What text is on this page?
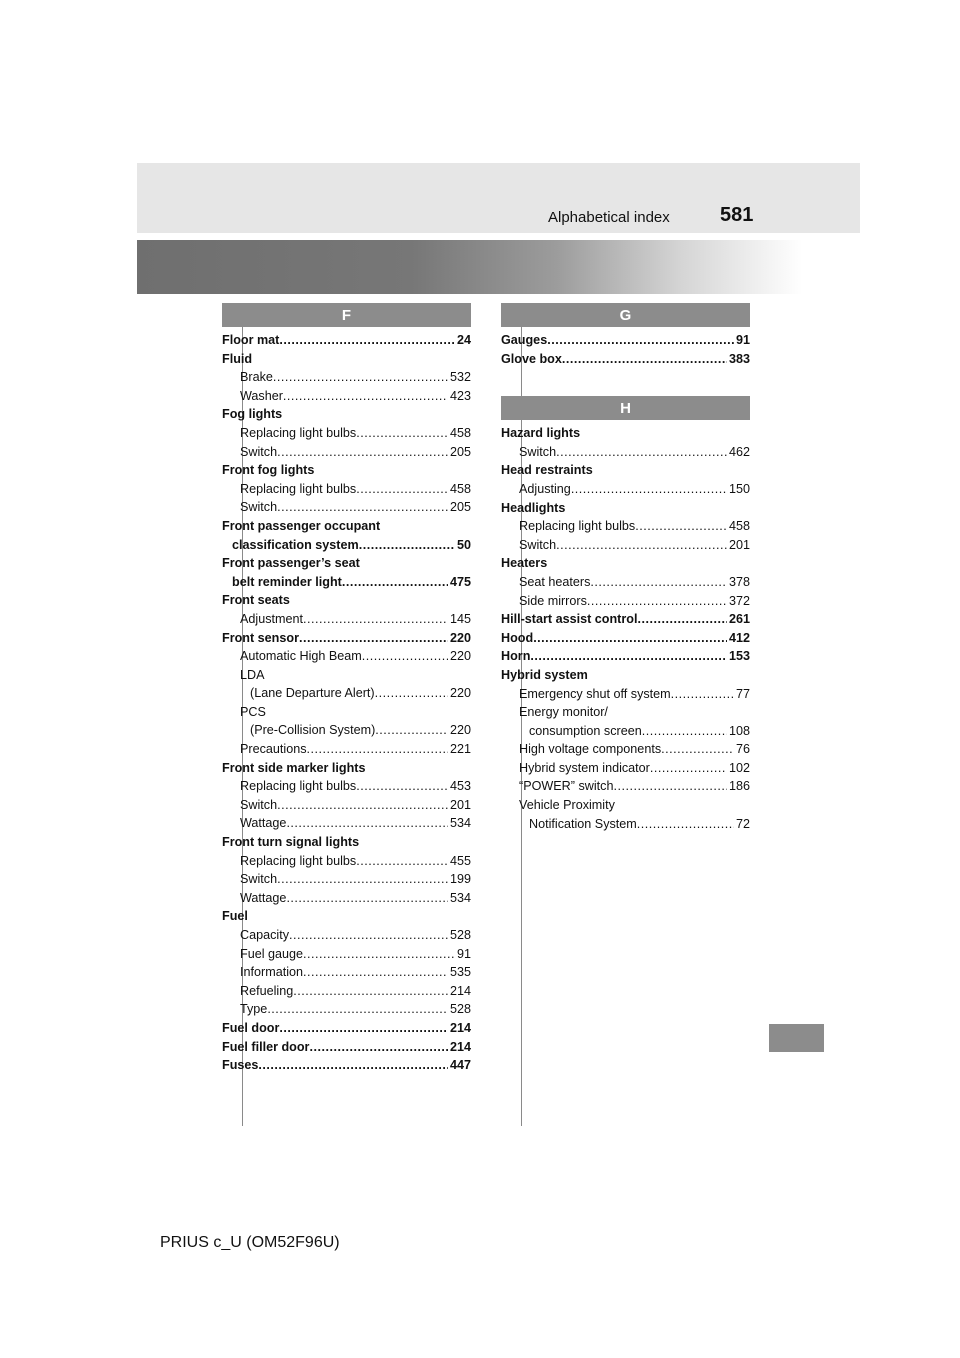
Alphabetical index	581
F
Floor mat .....	24
Fluid
Brake .....	532
Washer .....	423
Fog lights
Replacing light bulbs .....	458
Switch .....	205
Front fog lights
Replacing light bulbs .....	458
Switch .....	205
Front passenger occupant
classification system .....	50
Front passenger’s seat
belt reminder light .....	475
Front seats
Adjustment .....	145
Front sensor .....	220
Automatic High Beam .....	220
LDA
(Lane Departure Alert) .....	220
PCS
(Pre-Collision System) .....	220
Precautions .....	221
Front side marker lights
Replacing light bulbs .....	453
Switch .....	201
Wattage .....	534
Front turn signal lights
Replacing light bulbs .....	455
Switch .....	199
Wattage .....	534
Fuel
Capacity .....	528
Fuel gauge .....	91
Information .....	535
Refueling .....	214
Type .....	528
Fuel door .....	214
Fuel filler door .....	214
Fuses .....	447
G
Gauges .....	91
Glove box .....	383
H
Hazard lights
Switch .....	462
Head restraints
Adjusting .....	150
Headlights
Replacing light bulbs .....	458
Switch .....	201
Heaters
Seat heaters .....	378
Side mirrors .....	372
Hill-start assist control .....	261
Hood .....	412
Horn .....	153
Hybrid system
Emergency shut off system .....	77
Energy monitor/
consumption screen .....	108
High voltage components .....	76
Hybrid system indicator .....	102
“POWER” switch .....	186
Vehicle Proximity
Notification System .....	72
PRIUS c_U (OM52F96U)
